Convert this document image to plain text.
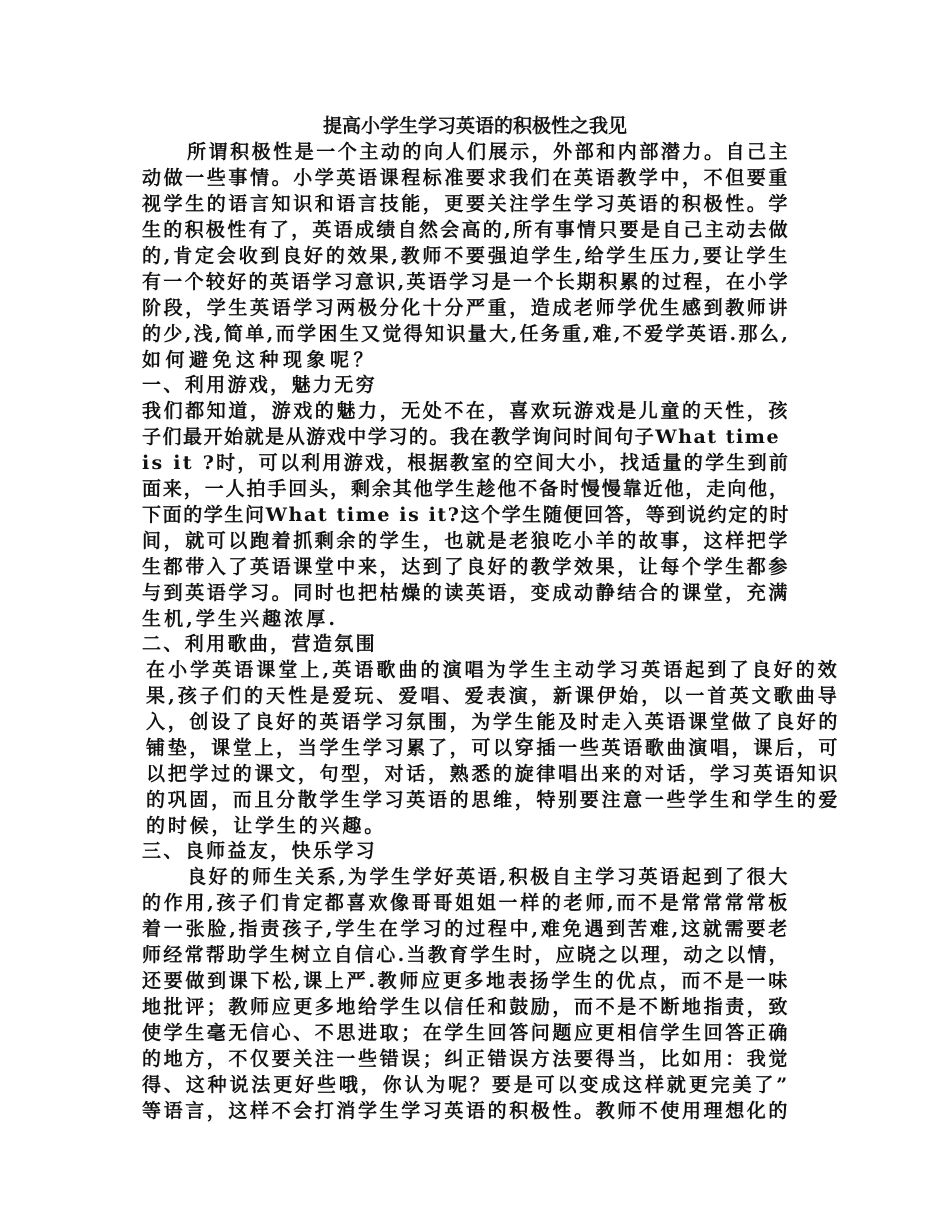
提高小学生学习英语的积极性之我见
所谓积极性是一个主动的向人们展示，外部和内部潜力。自己主
动做一些事情。小学英语课程标准要求我们在英语教学中，不但要重
视学生的语言知识和语言技能，更要关注学生学习英语的积极性。学
生的积极性有了，英语成绩自然会高的,所有事情只要是自己主动去做
的,肯定会收到良好的效果,教师不要强迫学生,给学生压力,要让学生
有一个较好的英语学习意识,英语学习是一个长期积累的过程，在小学
阶段，学生英语学习两极分化十分严重，造成老师学优生感到教师讲
的少,浅,简单,而学困生又觉得知识量大,任务重,难,不爱学英语.那么,
如何避免这种现象呢？
一、利用游戏，魅力无穷
我们都知道，游戏的魅力，无处不在，喜欢玩游戏是儿童的天性，孩
子们最开始就是从游戏中学习的。我在教学询问时间句子What time
is it ?时，可以利用游戏，根据教室的空间大小，找适量的学生到前
面来，一人拍手回头，剩余其他学生趁他不备时慢慢靠近他，走向他，
下面的学生问What time is it?这个学生随便回答，等到说约定的时
间，就可以跑着抓剩余的学生，也就是老狼吃小羊的故事，这样把学
生都带入了英语课堂中来，达到了良好的教学效果，让每个学生都参
与到英语学习。同时也把枯燥的读英语，变成动静结合的课堂，充满
生机,学生兴趣浓厚.
二、利用歌曲，营造氛围
在小学英语课堂上,英语歌曲的演唱为学生主动学习英语起到了良好的效
果,孩子们的天性是爱玩、爱唱、爱表演，新课伊始，以一首英文歌曲导
入，创设了良好的英语学习氛围，为学生能及时走入英语课堂做了良好的
铺垫，课堂上，当学生学习累了，可以穿插一些英语歌曲演唱，课后，可
以把学过的课文，句型，对话，熟悉的旋律唱出来的对话，学习英语知识
的巩固，而且分散学生学习英语的思维，特别要注意一些学生和学生的爱
的时候，让学生的兴趣。
三、良师益友，快乐学习
良好的师生关系,为学生学好英语,积极自主学习英语起到了很大
的作用,孩子们肯定都喜欢像哥哥姐姐一样的老师,而不是常常常常板
着一张脸,指责孩子,学生在学习的过程中,难免遇到苦难,这就需要老
师经常帮助学生树立自信心.当教育学生时，应晓之以理，动之以情，
还要做到课下松,课上严.教师应更多地表扬学生的优点，而不是一味
地批评；教师应更多地给学生以信任和鼓励，而不是不断地指责，致
使学生毫无信心、不思进取；在学生回答问题应更相信学生回答正确
的地方，不仅要关注一些错误；纠正错误方法要得当，比如用：我觉
得、这种说法更好些哦，你认为呢？要是可以变成这样就更完美了”
等语言，这样不会打消学生学习英语的积极性。教师不使用理想化的
